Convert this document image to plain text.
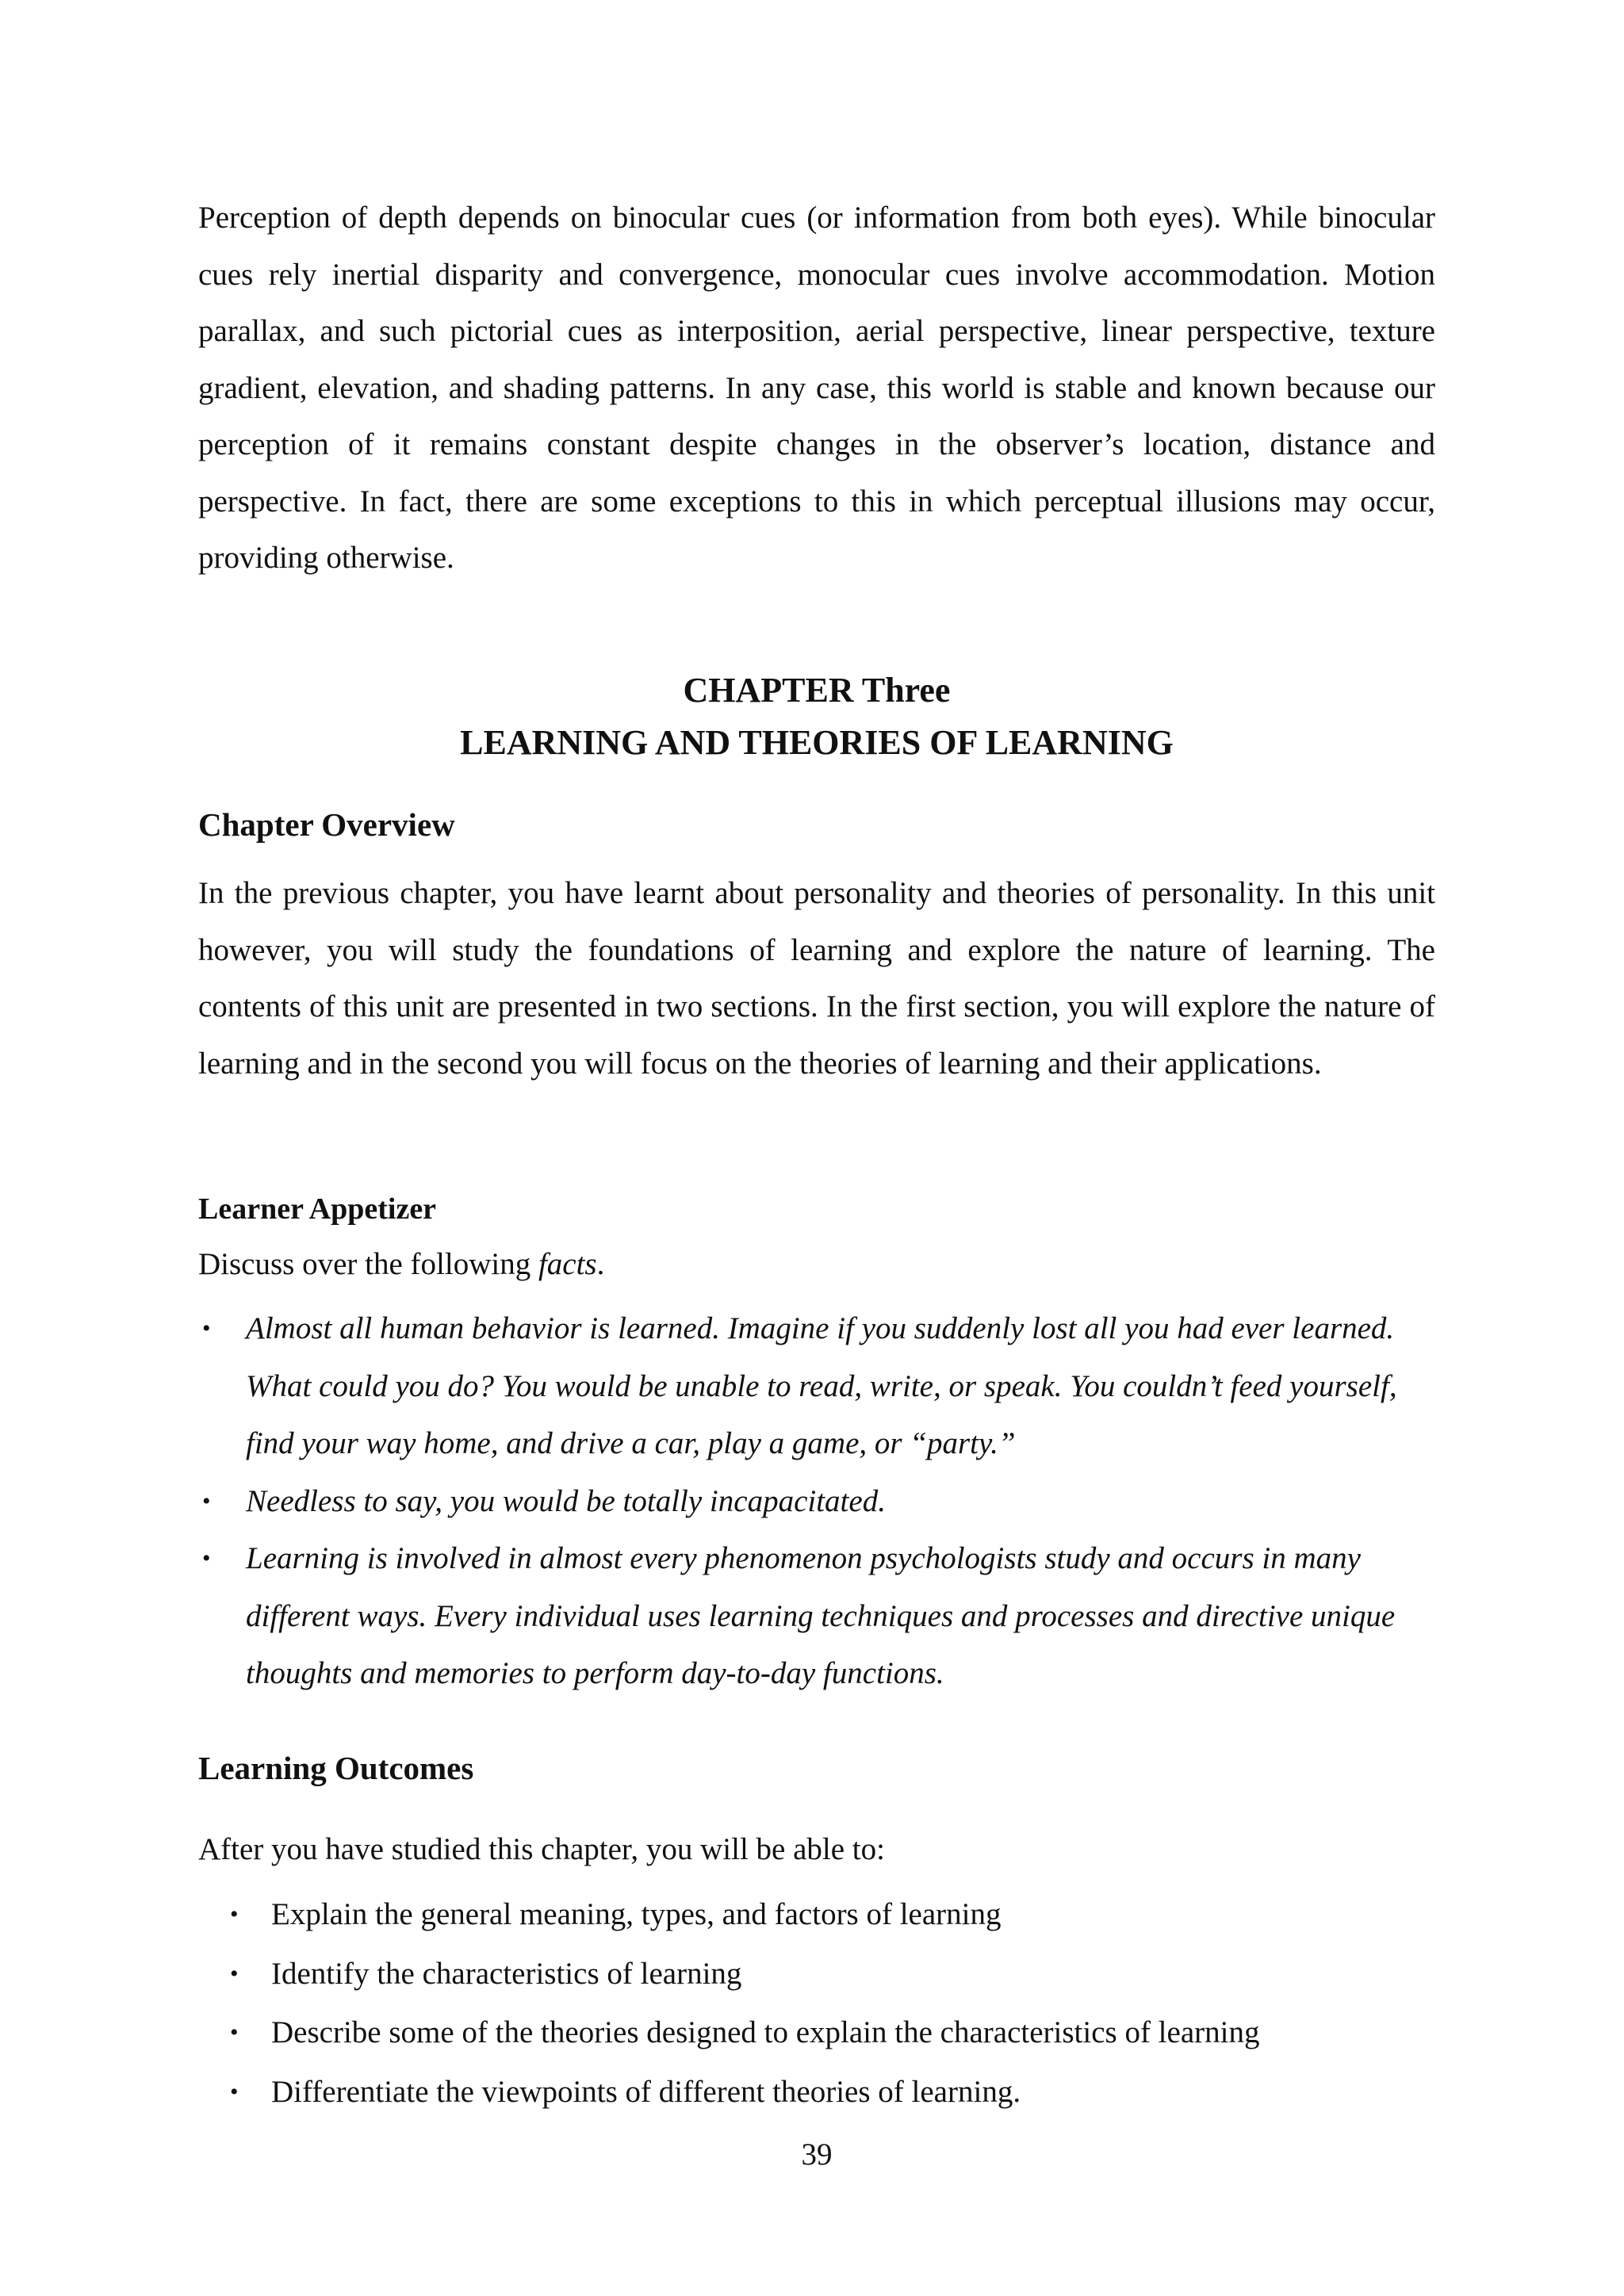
Perception of depth depends on binocular cues (or information from both eyes). While binocular cues rely inertial disparity and convergence, monocular cues involve accommodation. Motion parallax, and such pictorial cues as interposition, aerial perspective, linear perspective, texture gradient, elevation, and shading patterns. In any case, this world is stable and known because our perception of it remains constant despite changes in the observer’s location, distance and perspective. In fact, there are some exceptions to this in which perceptual illusions may occur, providing otherwise.

CHAPTER Three
LEARNING AND THEORIES OF LEARNING
Chapter Overview

In the previous chapter, you have learnt about personality and theories of personality. In this unit however, you will study the foundations of learning and explore the nature of learning. The contents of this unit are presented in two sections. In the first section, you will explore the nature of learning and in the second you will focus on the theories of learning and their applications.

Learner Appetizer

Discuss over the following facts.

• Almost all human behavior is learned. Imagine if you suddenly lost all you had ever learned. What could you do? You would be unable to read, write, or speak. You couldn’t feed yourself, find your way home, and drive a car, play a game, or “party.”
• Needless to say, you would be totally incapacitated.
• Learning is involved in almost every phenomenon psychologists study and occurs in many different ways. Every individual uses learning techniques and processes and directive unique thoughts and memories to perform day-to-day functions.
Learning Outcomes

After you have studied this chapter, you will be able to:

• Explain the general meaning, types, and factors of learning
• Identify the characteristics of learning
• Describe some of the theories designed to explain the characteristics of learning
• Differentiate the viewpoints of different theories of learning.

39
